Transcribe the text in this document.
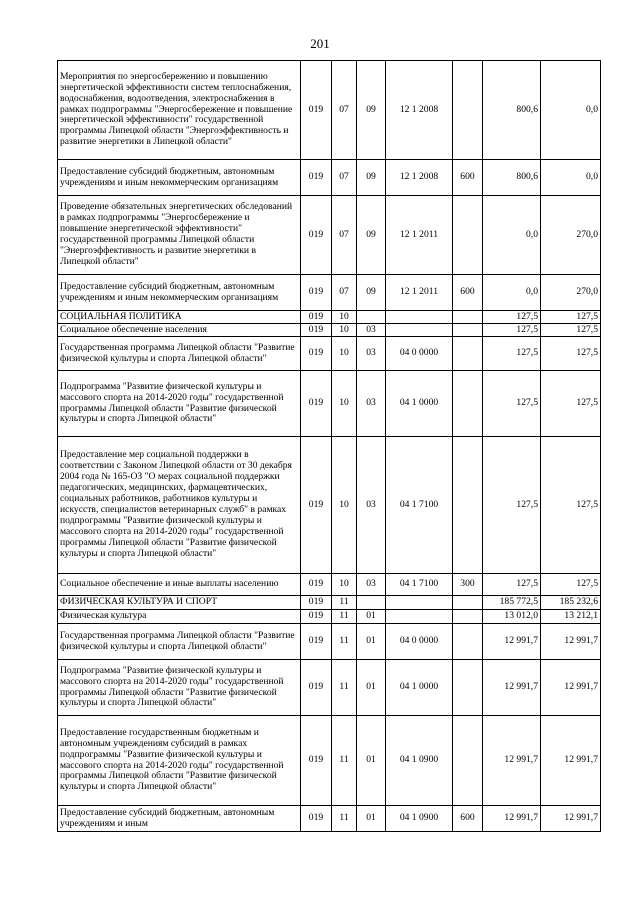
201
Мероприятия по энергосбережению и повышению энергетической эффективности систем теплоснабжения, водоснабжения, водоотведения, электроснабжения в рамках подпрограммы "Энергосбережение и повышение энергетической эффективности" государственной программы Липецкой области "Энергоэффективность и развитие энергетики в Липецкой области"	019	07	09	12 1 2008		800,6	0,0
Предоставление субсидий бюджетным, автономным учреждениям и иным некоммерческим организациям	019	07	09	12 1 2008	600	800,6	0,0
Проведение обязательных энергетических обследований в рамках подпрограммы "Энергосбережение и повышение энергетической эффективности" государственной программы Липецкой области "Энергоэффективность и развитие энергетики в Липецкой области"	019	07	09	12 1 2011		0,0	270,0
Предоставление субсидий бюджетным, автономным учреждениям и иным некоммерческим организациям	019	07	09	12 1 2011	600	0,0	270,0
СОЦИАЛЬНАЯ ПОЛИТИКА	019	10				127,5	127,5
Социальное обеспечение населения	019	10	03			127,5	127,5
Государственная программа Липецкой области "Развитие физической культуры и спорта Липецкой области"	019	10	03	04 0 0000		127,5	127,5
Подпрограмма "Развитие физической культуры и массового спорта на 2014-2020 годы" государственной программы Липецкой области "Развитие физической культуры и спорта Липецкой области"	019	10	03	04 1 0000		127,5	127,5
Предоставление мер социальной поддержки в соответствии с Законом Липецкой области от 30 декабря 2004 года № 165-ОЗ "О мерах социальной поддержки педагогических, медицинских, фармацевтических, социальных работников, работников культуры и искусств, специалистов ветеринарных служб" в рамках подпрограммы "Развитие физической культуры и массового спорта на 2014-2020 годы" государственной программы Липецкой области "Развитие физической культуры и спорта Липецкой области"	019	10	03	04 1 7100		127,5	127,5
Социальное обеспечение и иные выплаты населению	019	10	03	04 1 7100	300	127,5	127,5
ФИЗИЧЕСКАЯ КУЛЬТУРА И СПОРТ	019	11				185 772,5	185 232,6
Физическая культура	019	11	01			13 012,0	13 212,1
Государственная программа Липецкой области "Развитие физической культуры и спорта Липецкой области"	019	11	01	04 0 0000		12 991,7	12 991,7
Подпрограмма "Развитие физической культуры и массового спорта на 2014-2020 годы" государственной программы Липецкой области "Развитие физической культуры и спорта Липецкой области"	019	11	01	04 1 0000		12 991,7	12 991,7
Предоставление государственным бюджетным и автономным учреждениям субсидий в рамках подпрограммы "Развитие физической культуры и массового спорта на 2014-2020 годы" государственной программы Липецкой области "Развитие физической культуры и спорта Липецкой области"	019	11	01	04 1 0900		12 991,7	12 991,7
Предоставление субсидий бюджетным, автономным учреждениям и иным	019	11	01	04 1 0900	600	12 991,7	12 991,7
